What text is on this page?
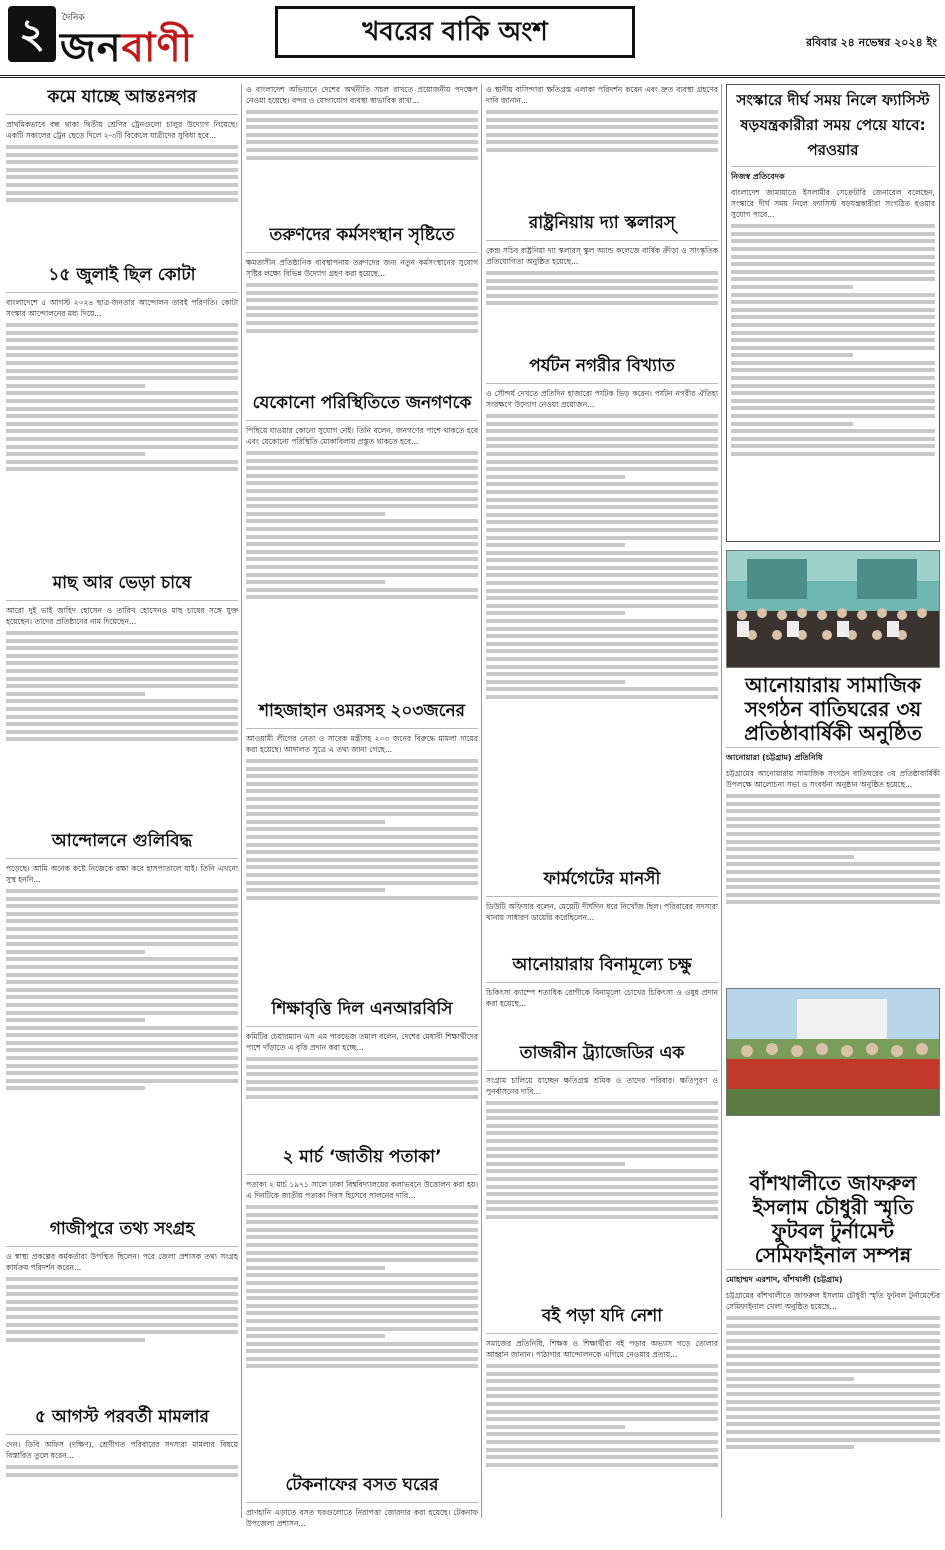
২	দৈনিক
জনবাণী	খবরের বাকি অংশ	রবিবার ২৪ নভেম্বর ২০২৪ ইং
কমে যাচ্ছে আন্তঃনগর
প্রাথমিকভাবে বন্ধ থাকা দ্বিতীয় শ্রেণির ট্রেনগুলো চালুর উদ্যোগ নিয়েছে। একটি সকালের ট্রেন ছেড়ে দিলে ২-৩টি বিকেলে যাত্রীদের সুবিধা হবে...
১৫ জুলাই ছিল কোটা
বাংলাদেশে ৫ আগস্ট ২০২৪ ছাত্র-জনতার আন্দোলন তারই পরিণতি। কোটা সংস্কার আন্দোলনের মধ্য দিয়ে...
মাছ আর ভেড়া চাষে
আরো দুই ভাই জাহিদ হোসেন ও তারিখ হোসেনও মাছ চাষের সঙ্গে যুক্ত হয়েছেন। তাদের প্রতিষ্ঠানের নাম দিয়েছেন...
আন্দোলনে গুলিবিদ্ধ
পড়েছে। আমি অনেক কষ্টে নিজেকে রক্ষা করে হাসপাতালে যাই। তিনি এখনো সুস্থ হননি...
গাজীপুরে তথ্য সংগ্রহ
ও স্বাস্থ্য প্রকল্পের কর্মকর্তারা উপস্থিত ছিলেন। পরে জেলা প্রশাসক তথ্য সংগ্রহ কার্যক্রম পরিদর্শন করেন...
৫ আগস্ট পরবর্তী মামলার
দেন। ডিবি অফিস (দক্ষিণ), শ্রেণীগত পরিবারের সদস্যরা মামলার বিষয়ে বিস্তারিত তুলে ধরেন...
ও বাংলাদেশ অভিযানে দেশের অর্থনীতি সচল রাখতে প্রয়োজনীয় পদক্ষেপ নেওয়া হয়েছে। বন্দর ও যোগাযোগ ব্যবস্থা স্বাভাবিক রাখা...
তরুণদের কর্মসংস্থান সৃষ্টিতে
ক্ষমতাসীন প্রতিষ্ঠানিক ব্যবস্থাপনায় তরুণদের জন্য নতুন কর্মসংস্থানের সুযোগ সৃষ্টির লক্ষ্যে বিভিন্ন উদ্যোগ গ্রহণ করা হয়েছে...
যেকোনো পরিস্থিতিতে জনগণকে
পিছিয়ে যাওয়ার কোনো সুযোগ নেই। তিনি বলেন, জনগণের পাশে থাকতে হবে এবং যেকোনো পরিস্থিতি মোকাবিলায় প্রস্তুত থাকতে হবে...
শাহজাহান ওমরসহ ২০৩জনের
আওয়ামী লীগের নেতা ও সাবেক মন্ত্রীসহ ২০৩ জনের বিরুদ্ধে মামলা দায়ের করা হয়েছে। আদালত সূত্রে এ তথ্য জানা গেছে...
শিক্ষাবৃত্তি দিল এনআরবিসি
কমিটির চেয়ারম্যান এস এম পারভেজ তমাল বলেন, দেশের মেধাবী শিক্ষার্থীদের পাশে দাঁড়াতে এ বৃত্তি প্রদান করা হচ্ছে...
২ মার্চ ‘জাতীয় পতাকা’
পতাকা ২ মার্চ ১৯৭১ সালে ঢাকা বিশ্ববিদ্যালয়ের কলাভবনে উত্তোলন করা হয়। এ দিনটিকে জাতীয় পতাকা দিবস হিসেবে পালনের দাবি...
টেকনাফের বসত ঘরের
প্রাণহানি এড়াতে বসত ঘরগুলোতে নিরাপত্তা জোরদার করা হয়েছে। টেকনাফ উপজেলা প্রশাসন...
ও স্থানীয় বাসিন্দারা ক্ষতিগ্রস্ত এলাকা পরিদর্শন করেন এবং দ্রুত ব্যবস্থা গ্রহণের দাবি জানান...
রাষ্ট্রনিয়ায় দ্যা স্কলারস্
কেন্দ্র সচিব রাষ্ট্রনিয়া দ্যা স্কলারস্ স্কুল অ্যান্ড কলেজে বার্ষিক ক্রীড়া ও সাংস্কৃতিক প্রতিযোগিতা অনুষ্ঠিত হয়েছে...
পর্যটন নগরীর বিখ্যাত
ও সৌন্দর্য দেখতে প্রতিদিন হাজারো পর্যটক ভিড় করেন। পর্যটন নগরীর ঐতিহ্য সংরক্ষণে উদ্যোগ নেওয়া প্রয়োজন...
ফার্মগেটের মানসী
ডিউটি অফিসার বলেন, মেয়েটি দীর্ঘদিন ধরে নিখোঁজ ছিল। পরিবারের সদস্যরা থানায় সাধারণ ডায়েরি করেছিলেন...
আনোয়ারায় বিনামূল্যে চক্ষু
চিকিৎসা ক্যাম্পে শতাধিক রোগীকে বিনামূল্যে চোখের চিকিৎসা ও ওষুধ প্রদান করা হয়েছে...
তাজরীন ট্র্যাজেডির এক
সংগ্রাম চালিয়ে যাচ্ছেন ক্ষতিগ্রস্ত শ্রমিক ও তাদের পরিবার। ক্ষতিপূরণ ও পুনর্বাসনের দাবি...
বই পড়া যদি নেশা
সমাজের প্রতিনিধি, শিক্ষক ও শিক্ষার্থীরা বই পড়ার অভ্যাস গড়ে তোলার আহ্বান জানান। পাঠাগার আন্দোলনকে এগিয়ে নেওয়ার প্রত্যয়...
সংস্কারে দীর্ঘ সময় নিলে ফ্যাসিস্ট ষড়যন্ত্রকারীরা সময় পেয়ে যাবে: পরওয়ার
নিজস্ব প্রতিবেদক
বাংলাদেশ জামায়াতে ইসলামীর সেক্রেটারি জেনারেল বলেছেন, সংস্কারে দীর্ঘ সময় নিলে ফ্যাসিস্ট ষড়যন্ত্রকারীরা সংগঠিত হওয়ার সুযোগ পাবে...
আনোয়ারায় সামাজিক সংগঠন বাতিঘরের ৩য় প্রতিষ্ঠাবার্ষিকী অনুষ্ঠিত
আনোয়ারা (চট্টগ্রাম) প্রতিনিধি
চট্টগ্রামের আনোয়ারায় সামাজিক সংগঠন বাতিঘরের ৩য় প্রতিষ্ঠাবার্ষিকী উপলক্ষে আলোচনা সভা ও সংবর্ধনা অনুষ্ঠান অনুষ্ঠিত হয়েছে...
বাঁশখালীতে জাফরুল ইসলাম চৌধুরী স্মৃতি ফুটবল টুর্নামেন্ট সেমিফাইনাল সম্পন্ন
মোহাম্মদ এরশাদ, বাঁশখালী (চট্টগ্রাম)
চট্টগ্রামের বাঁশখালীতে জাফরুল ইসলাম চৌধুরী স্মৃতি ফুটবল টুর্নামেন্টের সেমিফাইনাল খেলা অনুষ্ঠিত হয়েছে...
